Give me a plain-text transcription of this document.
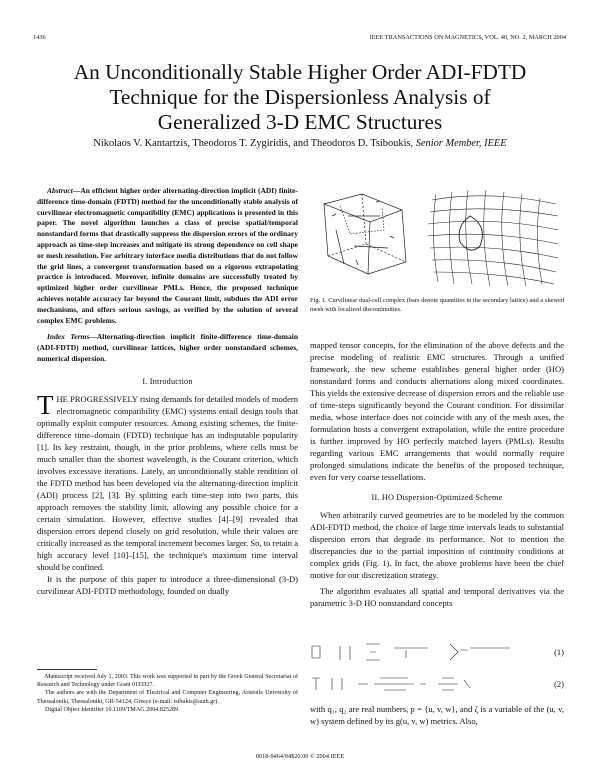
1436	IEEE TRANSACTIONS ON MAGNETICS, VOL. 40, NO. 2, MARCH 2004
An Unconditionally Stable Higher Order ADI-FDTD
Technique for the Dispersionless Analysis of
Generalized 3-D EMC Structures
Nikolaos V. Kantartzis, Theodoros T. Zygiridis, and Theodoros D. Tsiboukis, Senior Member, IEEE

Abstract—An efficient higher order alternating-direction implicit (ADI) finite-difference time-domain (FDTD) method for the unconditionally stable analysis of curvilinear electromagnetic compatibility (EMC) applications is presented in this paper. The novel algorithm launches a class of precise spatial/temporal nonstandard forms that drastically suppress the dispersion errors of the ordinary approach as time-step increases and mitigate its strong dependence on cell shape or mesh resolution. For arbitrary interface media distributions that do not follow the grid lines, a convergent transformation based on a rigorous extrapolating practice is introduced. Moreover, infinite domains are successfully treated by optimized higher order curvilinear PMLs. Hence, the proposed technique achieves notable accuracy far beyond the Courant limit, subdues the ADI error mechanisms, and offers serious savings, as verified by the solution of several complex EMC problems.

Index Terms—Alternating-direction implicit finite-difference time-domain (ADI-FDTD) method, curvilinear lattices, higher order nonstandard schemes, numerical dispersion.

I. Introduction

THE PROGRESSIVELY rising demands for detailed models of modern electromagnetic compatibility (EMC) systems entail design tools that optimally exploit computer resources. Among existing schemes, the finite-difference time–domain (FDTD) technique has an indisputable popularity [1]. Its key restraint, though, in the prior problems, where cells must be much smaller than the shortest wavelength, is the Courant criterion, which involves excessive iterations. Lately, an unconditionally stable rendition of the FDTD method has been developed via the alternating-direction implicit (ADI) process [2], [3]. By splitting each time-step into two parts, this approach removes the stability limit, allowing any possible choice for a certain simulation. However, effective studies [4]–[9] revealed that dispersion errors depend closely on grid resolution, while their values are critically increased as the temporal increment becomes larger. So, to retain a high accuracy level [10]–[15], the technique's maximum time interval should be confined.

It is the purpose of this paper to introduce a three-dimensional (3-D) curvilinear ADI-FDTD methodology, founded on dually

Manuscript received July 1, 2003. This work was supported in part by the Greek General Secretariat of Research and Technology under Grant 01ED27.

The authors are with the Department of Electrical and Computer Engineering, Aristotle University of Thessaloniki, Thessaloniki, GR-54124, Greece (e-mail: tsibukis@auth.gr).

Digital Object Identifier 10.1109/TMAG.2004.825289

Fig. 1. Curvilinear dual-cell complex (bars denote quantities in the secondary lattice) and a skewed mesh with localized discontinuities.

mapped tensor concepts, for the elimination of the above defects and the precise modeling of realistic EMC structures. Through a unified framework, the new scheme establishes general higher order (HO) nonstandard forms and conducts alternations along mixed coordinates. This yields the extensive decrease of dispersion errors and the reliable use of time-steps significantly beyond the Courant condition. For dissimilar media, whose interface does not coincide with any of the mesh axes, the formulation hosts a convergent extrapolation, while the entire procedure is further improved by HO perfectly matched layers (PMLs). Results regarding various EMC arrangements that would normally require prolonged simulations indicate the benefits of the proposed technique, even for very coarse tessellations.

II. HO Dispersion-Optimized Scheme

When arbitrarily curved geometries are to be modeled by the common ADI-FDTD method, the choice of large time intervals leads to substantial dispersion errors that degrade its performance. Not to mention the discrepancies due to the partial imposition of continuity conditions at complex grids (Fig. 1). In fact, the above problems have been the chief motive for our discretization strategy.

The algorithm evaluates all spatial and temporal derivatives via the parametric 3-D HO nonstandard concepts

(1)
(2)
with q₁, q₂ are real numbers, p = {u, v, w}, and ζ is a variable of the (u, v, w) system defined by its g(u, v, w) metrics. Also,
0018-9464/04$20.00 © 2004 IEEE
